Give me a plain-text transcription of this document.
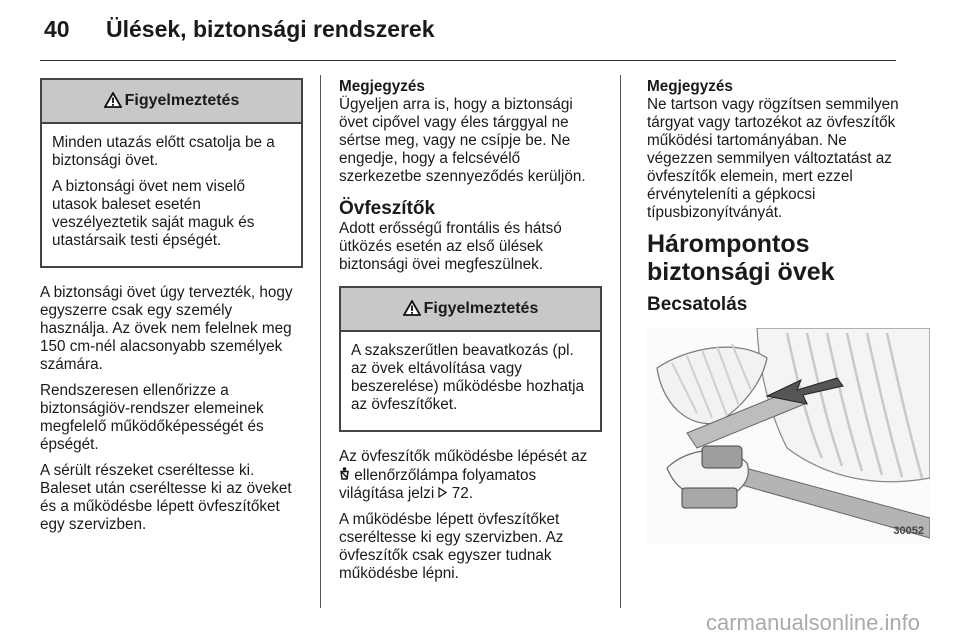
40	Ülések, biztonsági rendszerek
Figyelmeztetés

Minden utazás előtt csatolja be a biztonsági övet.

A biztonsági övet nem viselő utasok baleset esetén veszélyeztetik saját maguk és utastársaik testi épségét.

A biztonsági övet úgy tervezték, hogy egyszerre csak egy személy használja. Az övek nem felelnek meg 150 cm-nél alacsonyabb személyek számára.

Rendszeresen ellenőrizze a biztonságiöv-rendszer elemeinek megfelelő működőképességét és épségét.

A sérült részeket cseréltesse ki. Baleset után cseréltesse ki az öveket és a működésbe lépett övfeszítőket egy szervizben.

Megjegyzés

Ügyeljen arra is, hogy a biztonsági övet cipővel vagy éles tárggyal ne sértse meg, vagy ne csípje be. Ne engedje, hogy a felcsévélő szerkezetbe szennyeződés kerüljön.

Övfeszítők

Adott erősségű frontális és hátsó ütközés esetén az első ülések biztonsági övei megfeszülnek.

Figyelmeztetés

A szakszerűtlen beavatkozás (pl. az övek eltávolítása vagy beszerelése) működésbe hozhatja az övfeszítőket.

Az övfeszítők működésbe lépését az  ellenőrzőlámpa folyamatos világítása jelzi 72.

A működésbe lépett övfeszítőket cseréltesse ki egy szervizben. Az övfeszítők csak egyszer tudnak működésbe lépni.

Megjegyzés

Ne tartson vagy rögzítsen semmilyen tárgyat vagy tartozékot az övfeszítők működési tartományában. Ne végezzen semmilyen változtatást az övfeszítők elemein, mert ezzel érvényteleníti a gépkocsi típusbizonyítványát.

Hárompontos biztonsági övek
Becsatolás
30052
carmanualsonline.info
